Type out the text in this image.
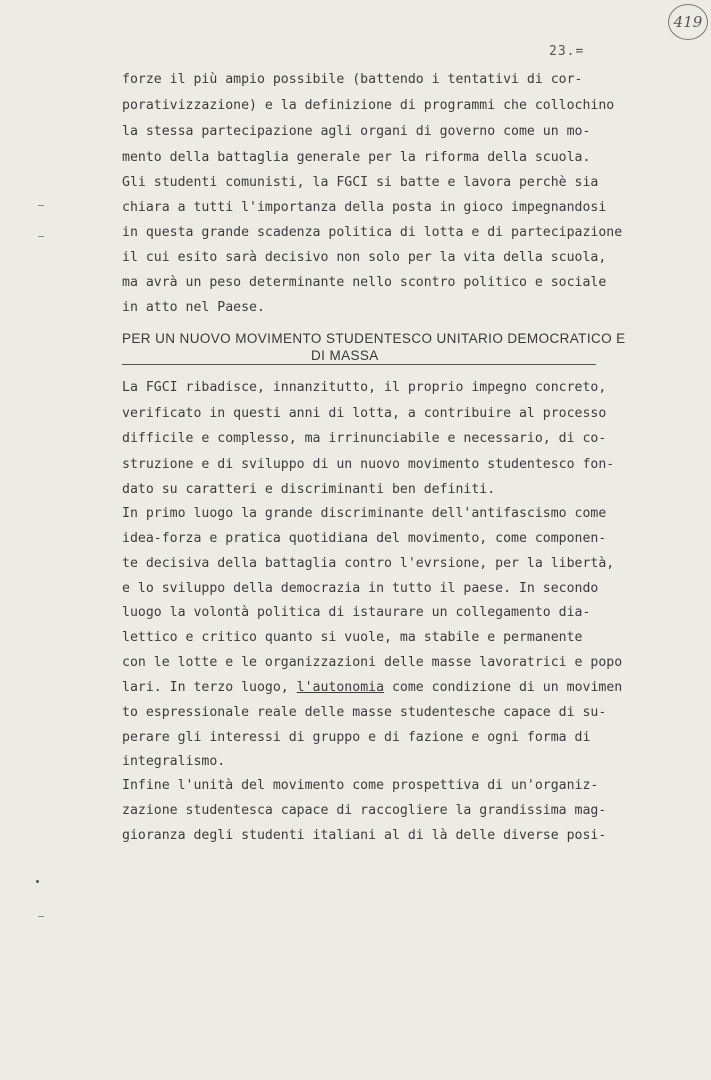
419
23.=
forze il più ampio possibile (battendo i tentativi di cor-
porativizzazione) e la definizione di programmi che collochino
la stessa partecipazione agli organi di governo come un mo-
mento della battaglia generale per la riforma della scuola.
Gli studenti comunisti, la FGCI si batte e lavora perchè sia
chiara a tutti l'importanza della posta in gioco impegnandosi
in questa grande scadenza politica di lotta e di partecipazione
il cui esito sarà decisivo non solo per la vita della scuola,
ma avrà un peso determinante nello scontro politico e sociale
in atto nel Paese.
PER UN NUOVO MOVIMENTO STUDENTESCO UNITARIO DEMOCRATICO E
DI MASSA
La FGCI ribadisce, innanzitutto, il proprio impegno concreto,
verificato in questi anni di lotta, a contribuire al processo
difficile e complesso, ma irrinunciabile e necessario, di co-
struzione e di sviluppo di un nuovo movimento studentesco fon-
dato su caratteri e discriminanti ben definiti.
In primo luogo la grande discriminante dell'antifascismo come
idea-forza e pratica quotidiana del movimento, come componen-
te decisiva della battaglia contro l'evrsione, per la libertà,
e lo sviluppo della democrazia in tutto il paese. In secondo
luogo la volontà politica di istaurare un collegamento dia-
lettico e critico quanto si vuole, ma stabile e permanente
con le lotte e le organizzazioni delle masse lavoratrici e popo
lari. In terzo luogo, l'autonomia come condizione di un movimen
to espressionale reale delle masse studentesche capace di su-
perare gli interessi di gruppo e di fazione e ogni forma di
integralismo.
Infine l'unità del movimento come prospettiva di un'organiz-
zazione studentesca capace di raccogliere la grandissima mag-
gioranza degli studenti italiani al di là delle diverse posi-
